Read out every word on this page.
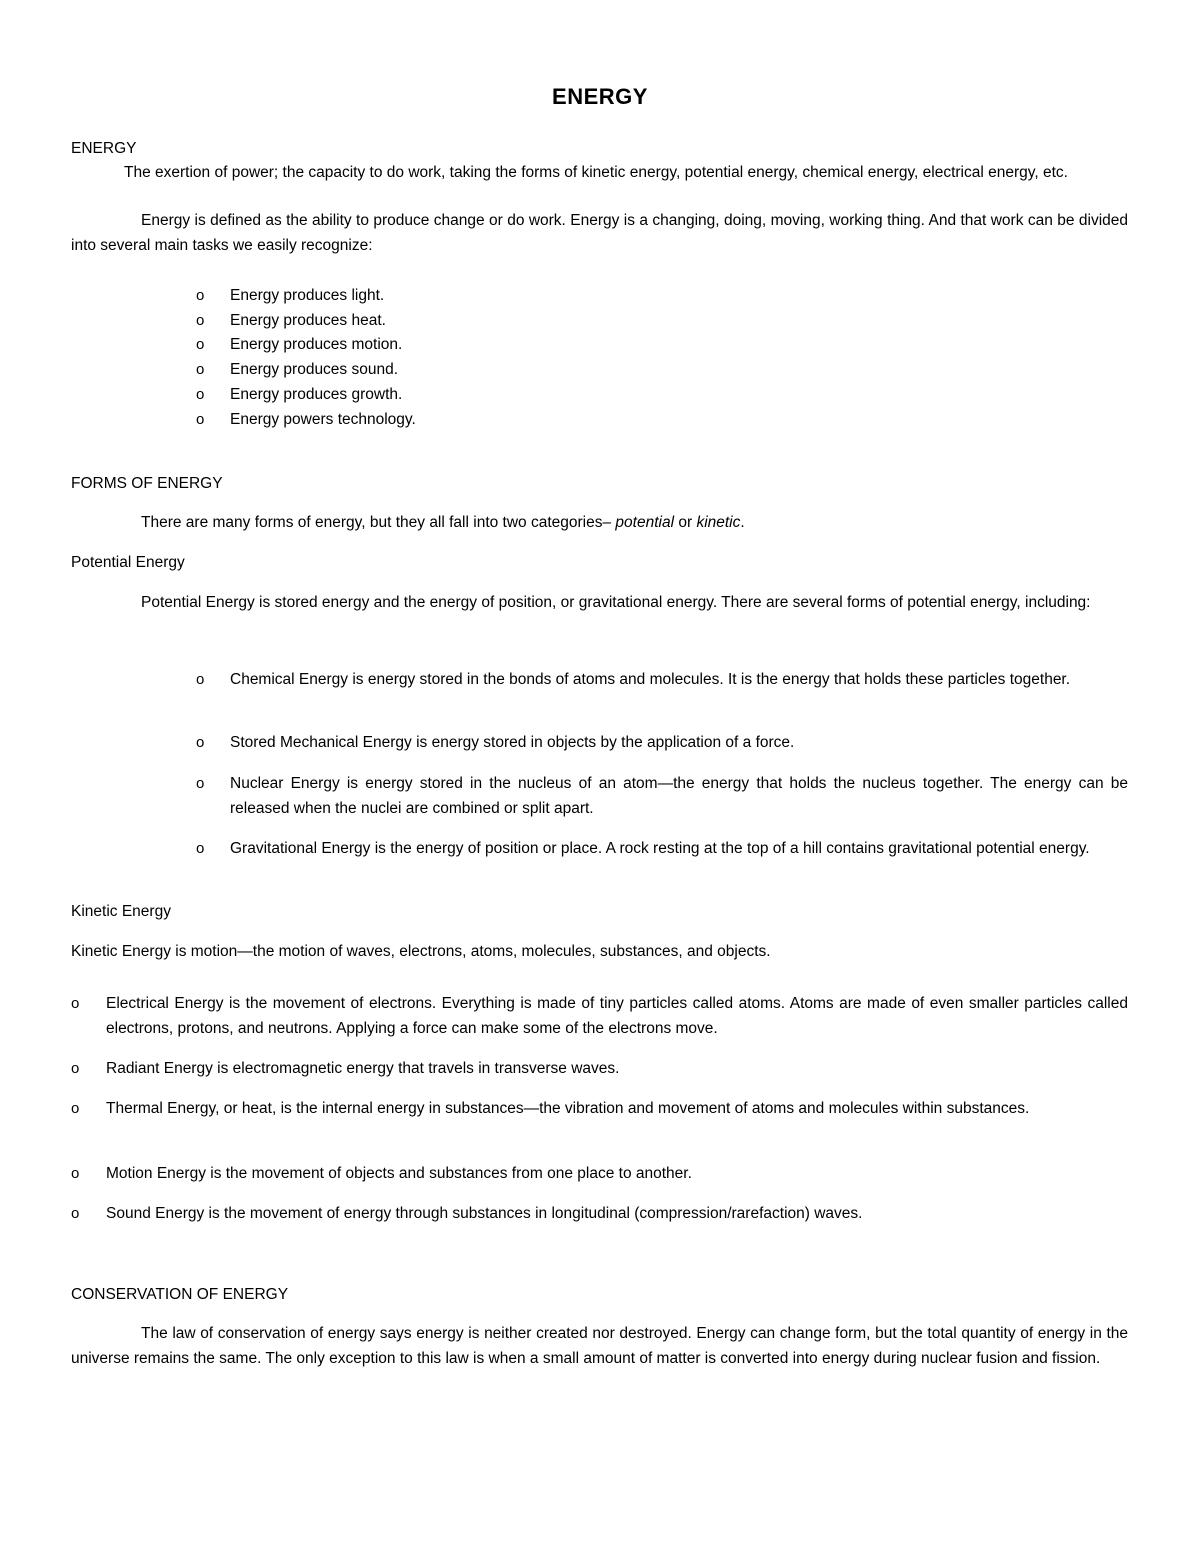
ENERGY
ENERGY
The exertion of power; the capacity to do work, taking the forms of kinetic energy, potential energy, chemical energy, electrical energy, etc.
Energy is defined as the ability to produce change or do work. Energy is a changing, doing, moving, working thing. And that work can be divided into several main tasks we easily recognize:
o Energy produces light.
o Energy produces heat.
o Energy produces motion.
o Energy produces sound.
o Energy produces growth.
o Energy powers technology.
FORMS OF ENERGY
There are many forms of energy, but they all fall into two categories– potential or kinetic.
Potential Energy
Potential Energy is stored energy and the energy of position, or gravitational energy. There are several forms of potential energy, including:
o Chemical Energy is energy stored in the bonds of atoms and molecules. It is the energy that holds these particles together.
o Stored Mechanical Energy is energy stored in objects by the application of a force.
o Nuclear Energy is energy stored in the nucleus of an atom—the energy that holds the nucleus together. The energy can be released when the nuclei are combined or split apart.
o Gravitational Energy is the energy of position or place. A rock resting at the top of a hill contains gravitational potential energy.
Kinetic Energy
Kinetic Energy is motion—the motion of waves, electrons, atoms, molecules, substances, and objects.
o Electrical Energy is the movement of electrons. Everything is made of tiny particles called atoms. Atoms are made of even smaller particles called electrons, protons, and neutrons. Applying a force can make some of the electrons move.
o Radiant Energy is electromagnetic energy that travels in transverse waves.
o Thermal Energy, or heat, is the internal energy in substances—the vibration and movement of atoms and molecules within substances.
o Motion Energy is the movement of objects and substances from one place to another.
o Sound Energy is the movement of energy through substances in longitudinal (compression/rarefaction) waves.
CONSERVATION OF ENERGY
The law of conservation of energy says energy is neither created nor destroyed. Energy can change form, but the total quantity of energy in the universe remains the same. The only exception to this law is when a small amount of matter is converted into energy during nuclear fusion and fission.
